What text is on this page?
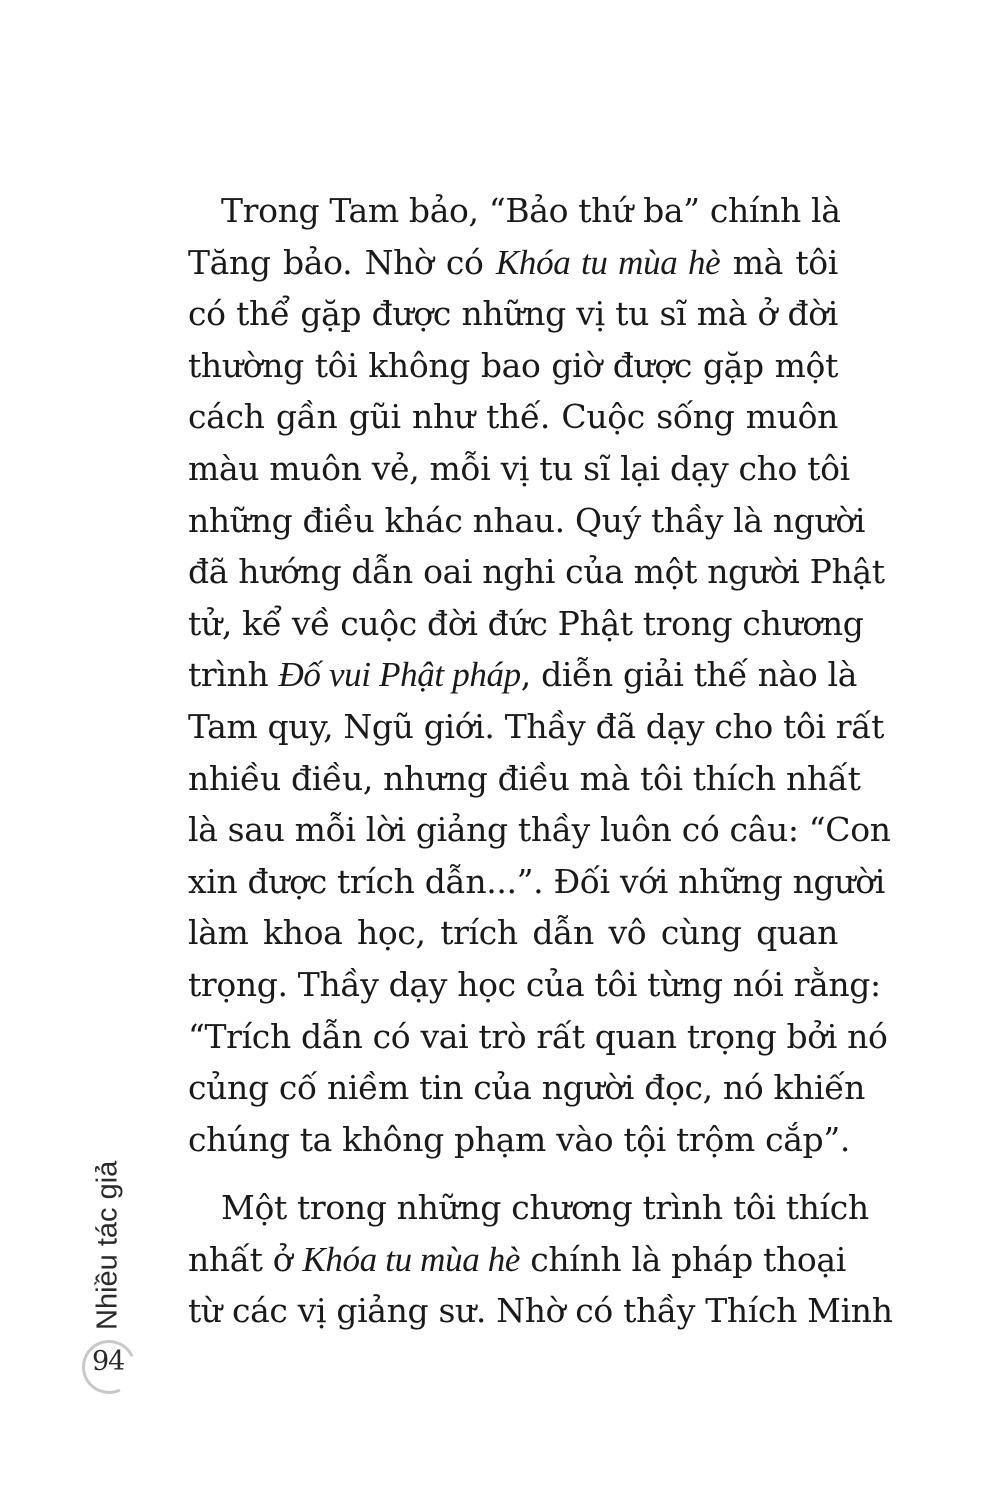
Trong Tam bảo, “Bảo thứ ba” chính là
Tăng bảo. Nhờ có Khóa tu mùa hè mà tôi
có thể gặp được những vị tu sĩ mà ở đời
thường tôi không bao giờ được gặp một
cách gần gũi như thế. Cuộc sống muôn
màu muôn vẻ, mỗi vị tu sĩ lại dạy cho tôi
những điều khác nhau. Quý thầy là người
đã hướng dẫn oai nghi của một người Phật
tử, kể về cuộc đời đức Phật trong chương
trình Đố vui Phật pháp, diễn giải thế nào là
Tam quy, Ngũ giới. Thầy đã dạy cho tôi rất
nhiều điều, nhưng điều mà tôi thích nhất
là sau mỗi lời giảng thầy luôn có câu: “Con
xin được trích dẫn...”. Đối với những người
làm khoa học, trích dẫn vô cùng quan
trọng. Thầy dạy học của tôi từng nói rằng:
“Trích dẫn có vai trò rất quan trọng bởi nó
củng cố niềm tin của người đọc, nó khiến
chúng ta không phạm vào tội trộm cắp”.
Một trong những chương trình tôi thích
nhất ở Khóa tu mùa hè chính là pháp thoại
từ các vị giảng sư. Nhờ có thầy Thích Minh
Nhiều tác giả
94
